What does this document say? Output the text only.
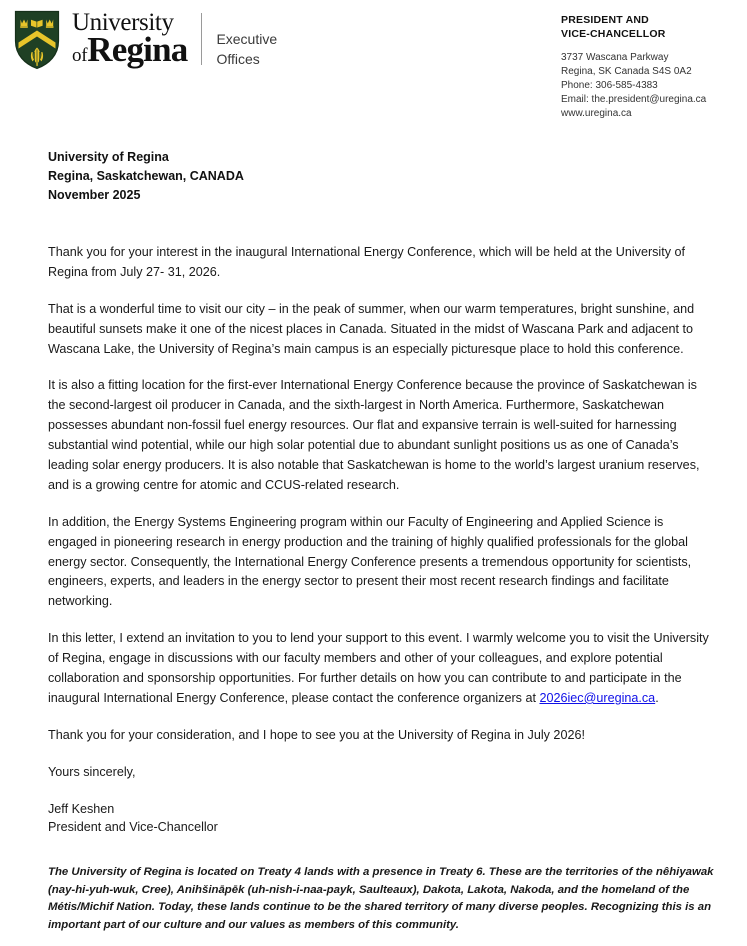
University
ofRegina Executive
Offices
PRESIDENT AND
VICE-CHANCELLOR
3737 Wascana Parkway
Regina, SK Canada S4S 0A2
Phone: 306-585-4383
Email: the.president@uregina.ca
www.uregina.ca
University of Regina
Regina, Saskatchewan, CANADA
November 2025

Thank you for your interest in the inaugural International Energy Conference, which will be held at the University of Regina from July 27- 31, 2026.

That is a wonderful time to visit our city – in the peak of summer, when our warm temperatures, bright sunshine, and beautiful sunsets make it one of the nicest places in Canada. Situated in the midst of Wascana Park and adjacent to Wascana Lake, the University of Regina’s main campus is an especially picturesque place to hold this conference.

It is also a fitting location for the first-ever International Energy Conference because the province of Saskatchewan is the second-largest oil producer in Canada, and the sixth-largest in North America. Furthermore, Saskatchewan possesses abundant non-fossil fuel energy resources. Our flat and expansive terrain is well-suited for harnessing substantial wind potential, while our high solar potential due to abundant sunlight positions us as one of Canada’s leading solar energy producers. It is also notable that Saskatchewan is home to the world’s largest uranium reserves, and is a growing centre for atomic and CCUS-related research.

In addition, the Energy Systems Engineering program within our Faculty of Engineering and Applied Science is engaged in pioneering research in energy production and the training of highly qualified professionals for the global energy sector. Consequently, the International Energy Conference presents a tremendous opportunity for scientists, engineers, experts, and leaders in the energy sector to present their most recent research findings and facilitate networking.

In this letter, I extend an invitation to you to lend your support to this event. I warmly welcome you to visit the University of Regina, engage in discussions with our faculty members and other of your colleagues, and explore potential collaboration and sponsorship opportunities. For further details on how you can contribute to and participate in the inaugural International Energy Conference, please contact the conference organizers at 2026iec@uregina.ca.

Thank you for your consideration, and I hope to see you at the University of Regina in July 2026!

Yours sincerely,

Jeff Keshen
President and Vice-Chancellor

The University of Regina is located on Treaty 4 lands with a presence in Treaty 6. These are the territories of the nêhiyawak (nay-hi-yuh-wuk, Cree), Anihšināpēk (uh-nish-i-naa-payk, Saulteaux), Dakota, Lakota, Nakoda, and the homeland of the Métis/Michif Nation. Today, these lands continue to be the shared territory of many diverse peoples. Recognizing this is an important part of our culture and our values as members of this community.
